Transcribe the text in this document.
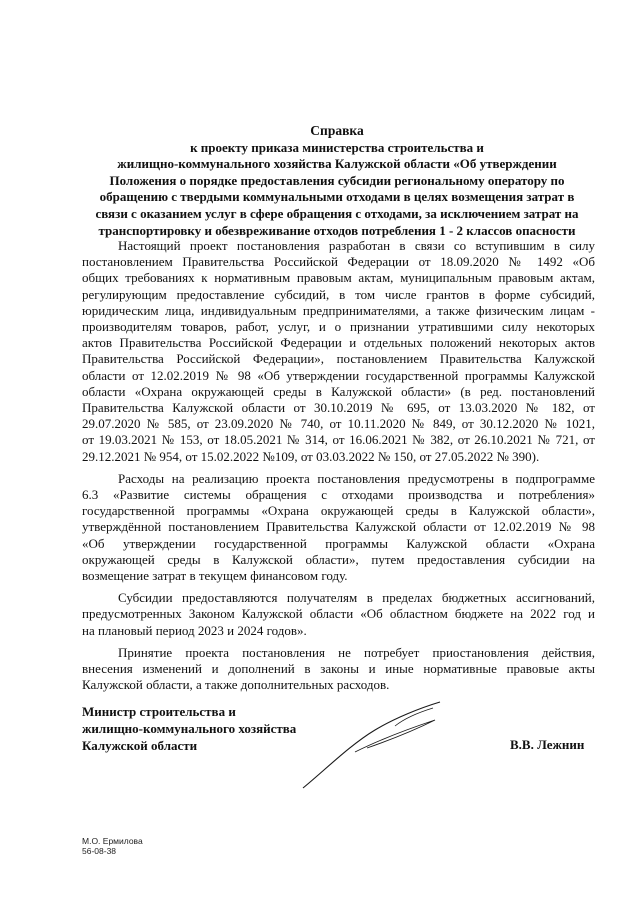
Справка
к проекту приказа министерства строительства и
жилищно-коммунального хозяйства Калужской области «Об утверждении
Положения о порядке предоставления субсидии региональному оператору по
обращению с твердыми коммунальными отходами в целях возмещения затрат в
связи с оказанием услуг в сфере обращения с отходами, за исключением затрат на
транспортировку и обезвреживание отходов потребления 1 - 2 классов опасности
Настоящий проект постановления разработан в связи со вступившим в силу
постановлением Правительства Российской Федерации от 18.09.2020 № 1492 «Об
общих требованиях к нормативным правовым актам, муниципальным правовым актам,
регулирующим предоставление субсидий, в том числе грантов в форме субсидий,
юридическим лица, индивидуальным предпринимателями, а также физическим лицам -
производителям товаров, работ, услуг, и о признании утратившими силу некоторых
актов Правительства Российской Федерации и отдельных положений некоторых актов
Правительства Российской Федерации», постановлением Правительства Калужской
области от 12.02.2019 № 98 «Об утверждении государственной программы Калужской
области «Охрана окружающей среды в Калужской области» (в ред. постановлений
Правительства Калужской области от 30.10.2019 № 695, от 13.03.2020 № 182, от
29.07.2020 № 585, от 23.09.2020 № 740, от 10.11.2020 № 849, от 30.12.2020 № 1021,
от 19.03.2021 № 153, от 18.05.2021 № 314, от 16.06.2021 № 382, от 26.10.2021 № 721, от
29.12.2021 № 954, от 15.02.2022 №109, от 03.03.2022 № 150, от 27.05.2022 № 390).
Расходы на реализацию проекта постановления предусмотрены в подпрограмме
6.3 «Развитие системы обращения с отходами производства и потребления»
государственной программы «Охрана окружающей среды в Калужской области»,
утверждённой постановлением Правительства Калужской области от 12.02.2019 № 98
«Об утверждении государственной программы Калужской области «Охрана
окружающей среды в Калужской области», путем предоставления субсидии на
возмещение затрат в текущем финансовом году.
Субсидии предоставляются получателям в пределах бюджетных ассигнований,
предусмотренных Законом Калужской области «Об областном бюджете на 2022 год и
на плановый период 2023 и 2024 годов».
Принятие проекта постановления не потребует приостановления действия,
внесения изменений и дополнений в законы и иные нормативные правовые акты
Калужской области, а также дополнительных расходов.
Министр строительства и
жилищно-коммунального хозяйства
Калужской области	В.В. Лежнин
М.О. Ермилова
56-08-38
